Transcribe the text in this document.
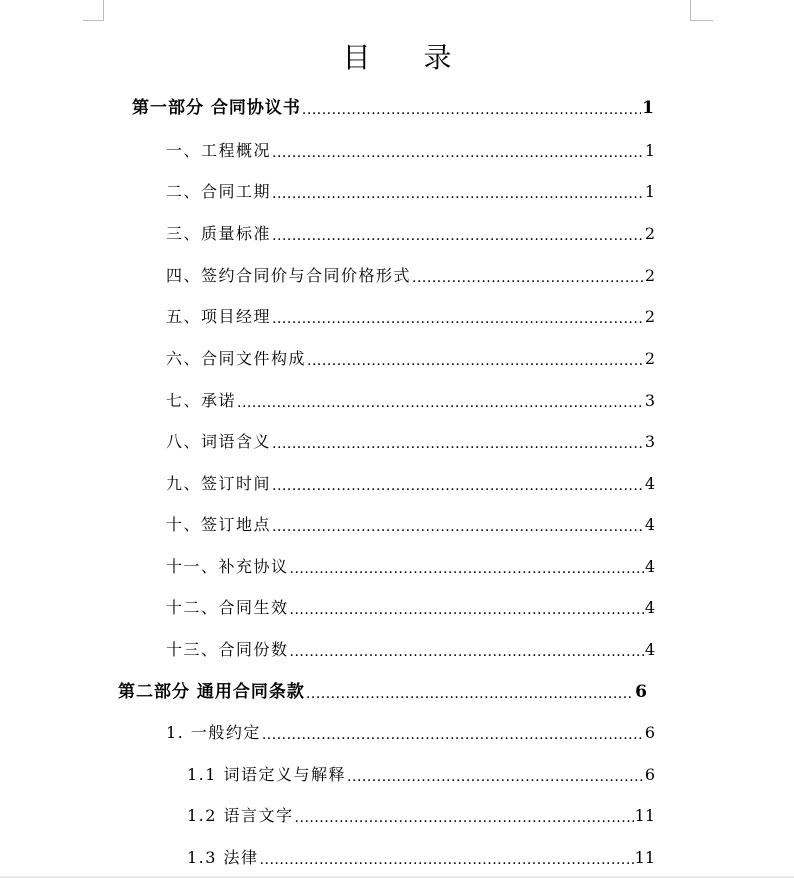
目 录
第一部分 合同协议书 .....	1
一、工程概况 .....	1
二、合同工期 .....	1
三、质量标准 .....	2
四、签约合同价与合同价格形式 .....	2
五、项目经理 .....	2
六、合同文件构成 .....	2
七、承诺 .....	3
八、词语含义 .....	3
九、签订时间 .....	4
十、签订地点 .....	4
十一、补充协议 .....	4
十二、合同生效 .....	4
十三、合同份数 .....	4
第二部分 通用合同条款 .....	6
1. 一般约定 .....	6
1.1 词语定义与解释 .....	6
1.2 语言文字 .....	11
1.3 法律 .....	11
